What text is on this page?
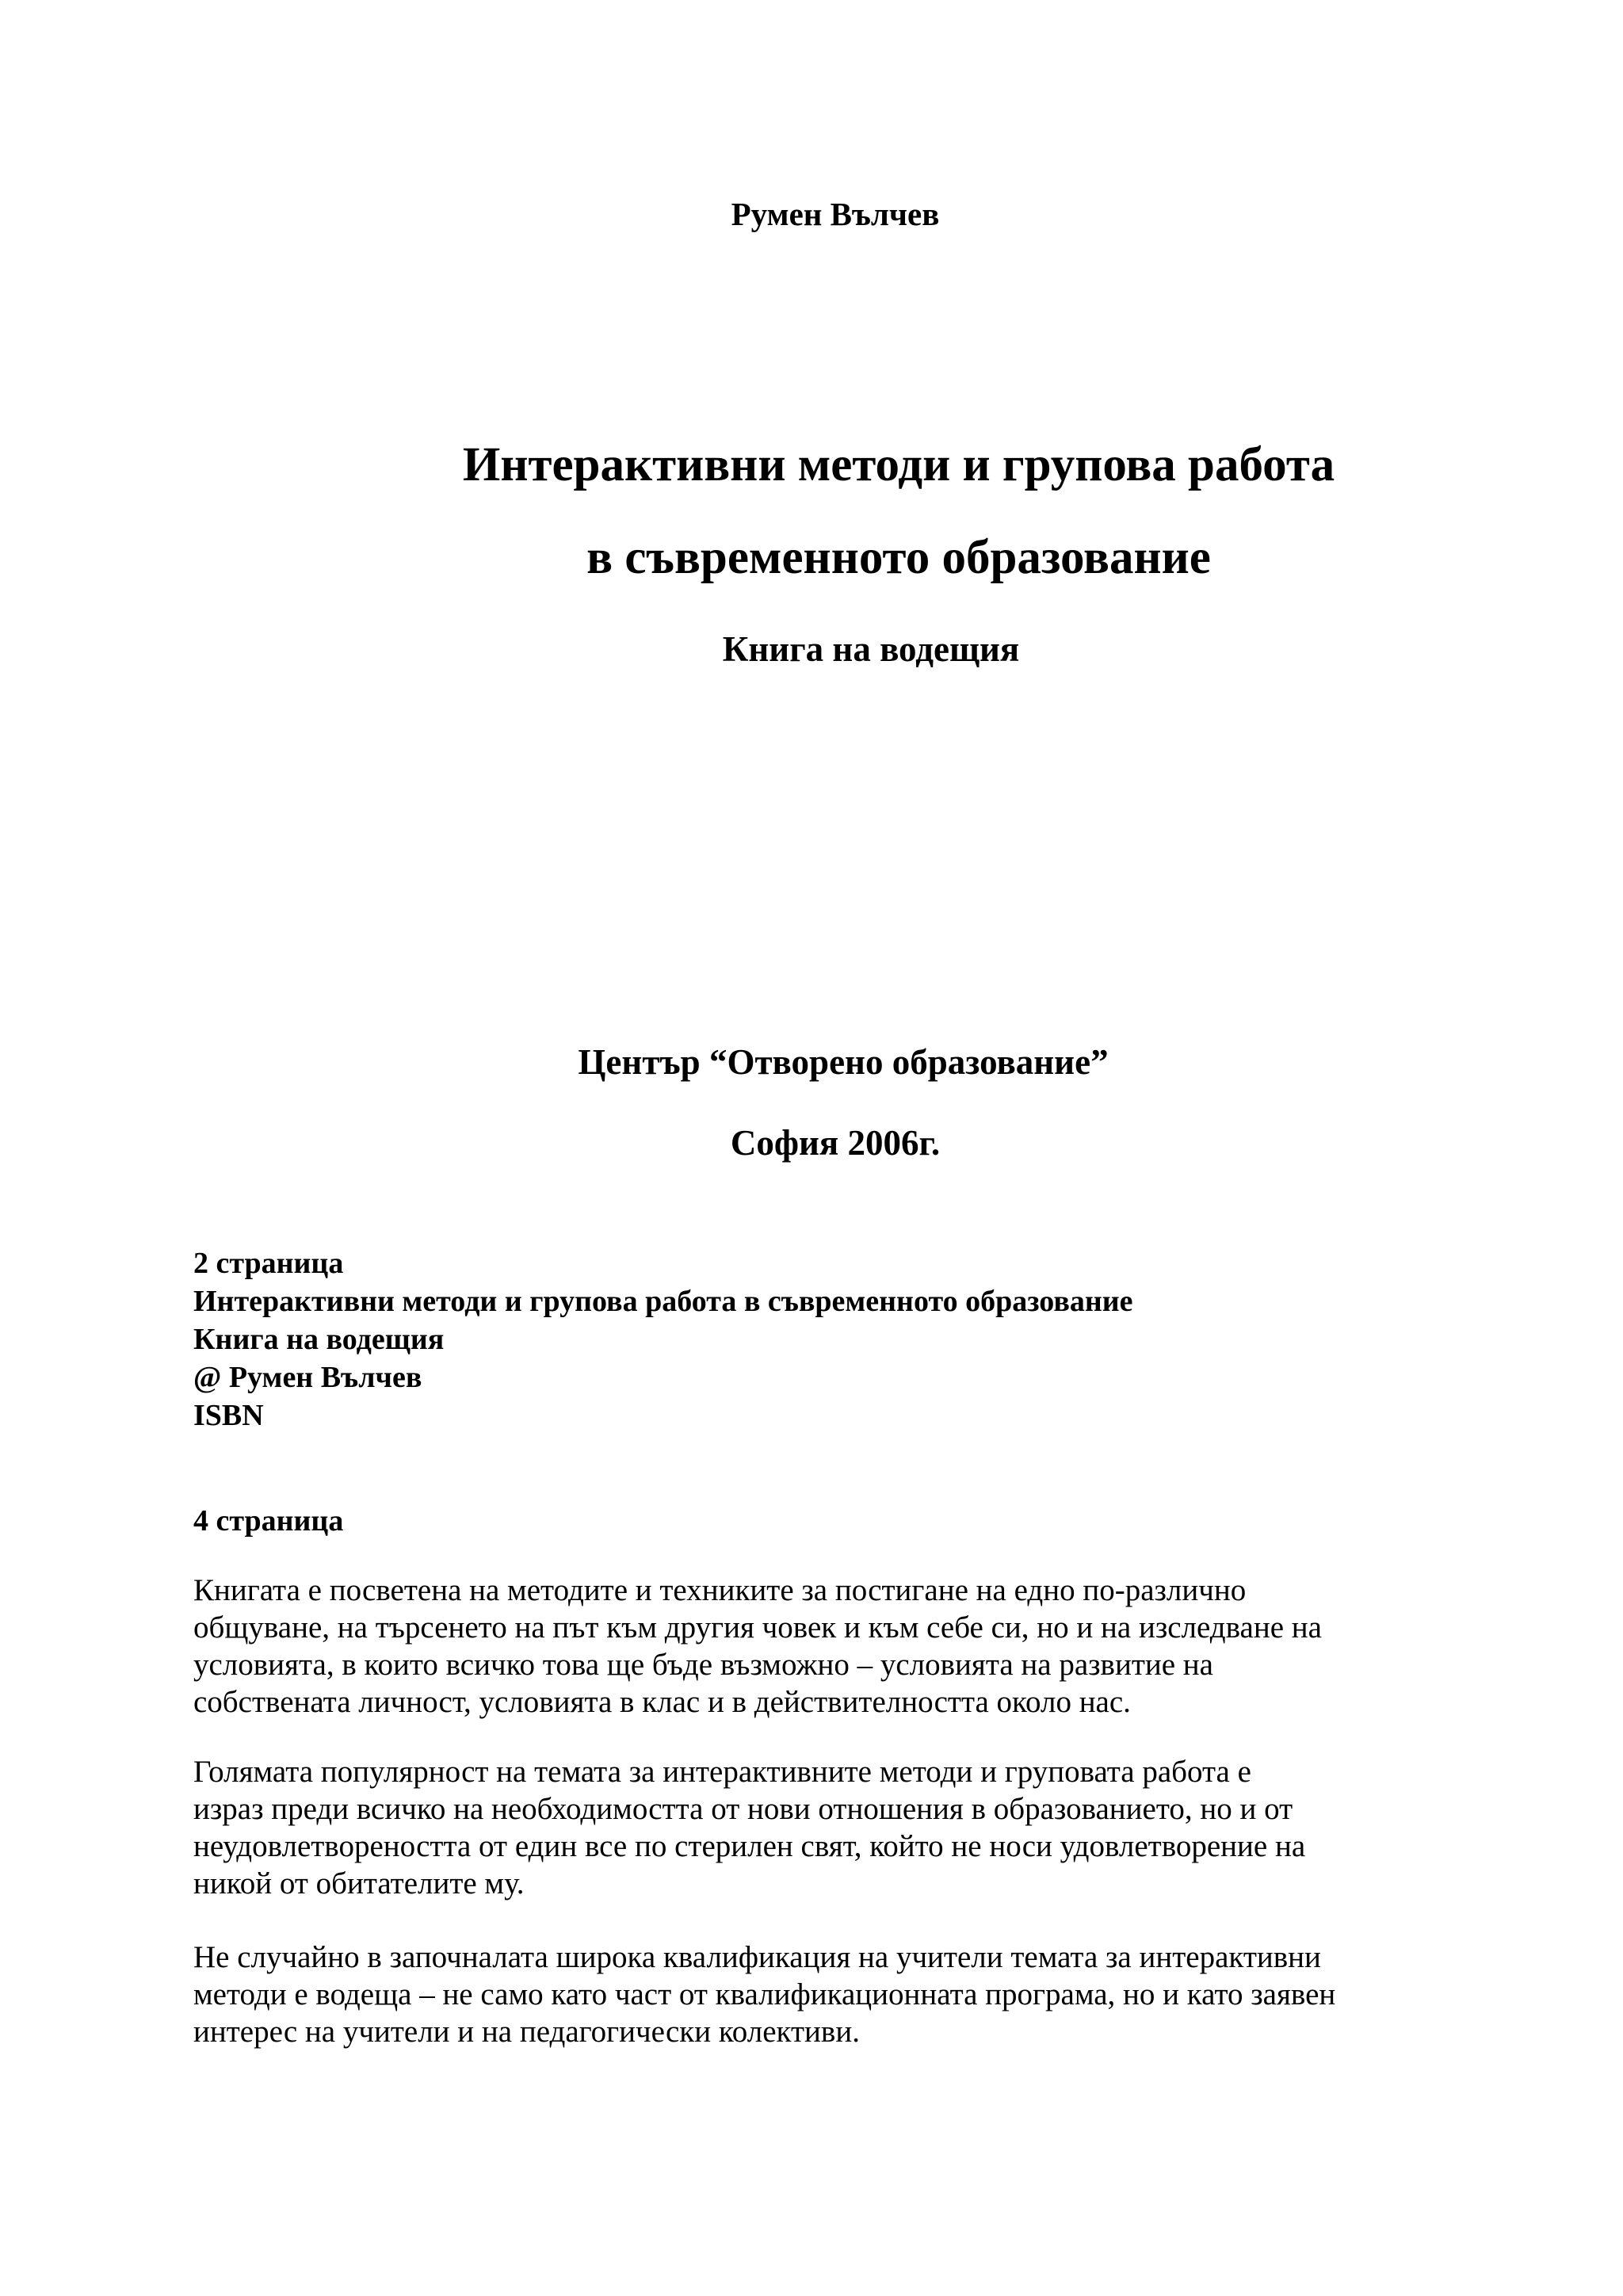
Румен Вълчев
Интерактивни методи и групова работа
в съвременното образование
Книга на водещия
Център “Отворено образование”
София 2006г.
2 страница
Интерактивни методи и групова работа в съвременното образование
Книга на водещия
@ Румен Вълчев
ISBN
4 страница
Книгата е посветена на методите и техниките за постигане на едно по-различно
общуване, на търсенето на път към другия човек и към себе си, но и на изследване на
условията, в които всичко това ще бъде възможно – условията на развитие на
собствената личност, условията в клас и в действителността около нас.
Голямата популярност на темата за интерактивните методи и груповата работа е
израз преди всичко на необходимостта от нови отношения в образованието, но и от
неудовлетвореността от един все по стерилен свят, който не носи удовлетворение на
никой от обитателите му.
Не случайно в започналата широка квалификация на учители темата за интерактивни
методи е водеща – не само като част от квалификационната програма, но и като заявен
интерес на учители и на педагогически колективи.
